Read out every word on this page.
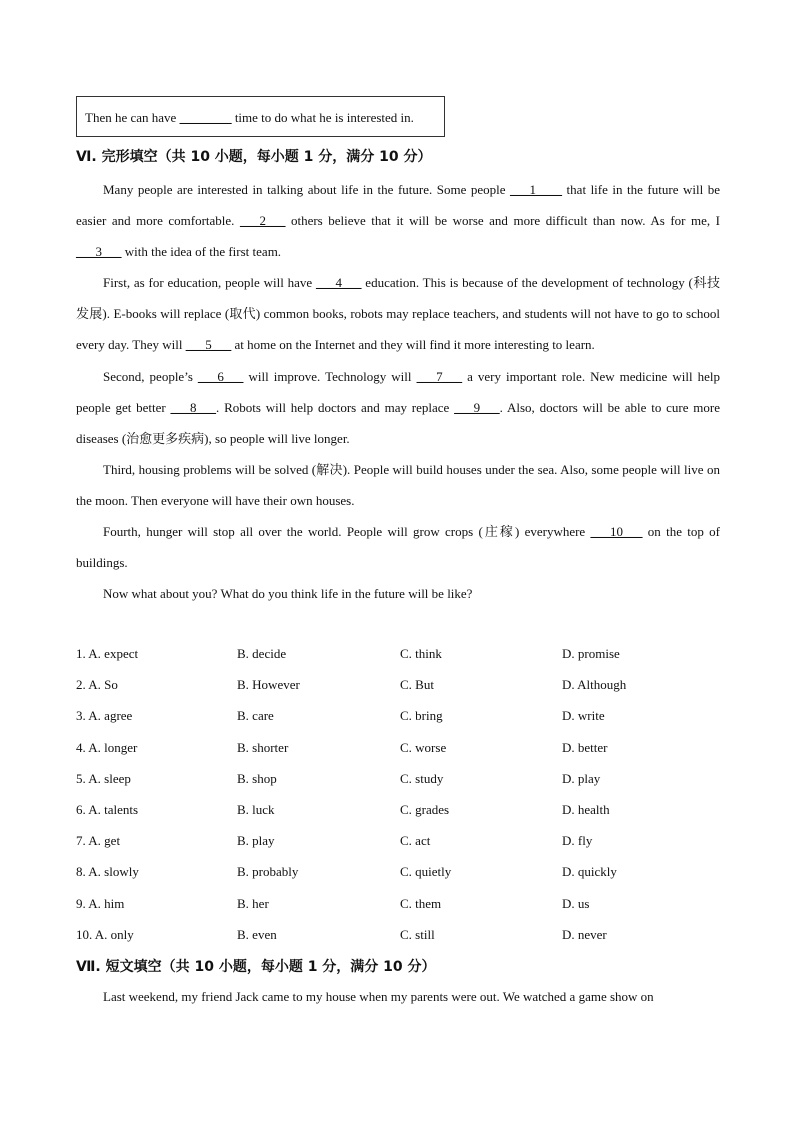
Then he can have ________ time to do what he is interested in.
Ⅵ. 完形填空（共 10 小题，每小题 1 分，满分 10 分）

Many people are interested in talking about life in the future. Some people ___1____ that life in the future will be easier and more comfortable. ___2___ others believe that it will be worse and more difficult than now. As for me, I ___3___ with the idea of the first team.

First, as for education, people will have ___4___ education. This is because of the development of technology (科技发展). E-books will replace (取代) common books, robots may replace teachers, and students will not have to go to school every day. They will ___5___ at home on the Internet and they will find it more interesting to learn.

Second, people’s ___6___ will improve. Technology will ___7___ a very important role. New medicine will help people get better ___8___. Robots will help doctors and may replace ___9___. Also, doctors will be able to cure more diseases (治愈更多疾病), so people will live longer.

Third, housing problems will be solved (解决). People will build houses under the sea. Also, some people will live on the moon. Then everyone will have their own houses.

Fourth, hunger will stop all over the world. People will grow crops (庄稼) everywhere ___10___ on the top of buildings.

Now what about you? What do you think life in the future will be like?

1. A. expect	B. decide	C. think	D. promise
2. A. So	B. However	C. But	D. Although
3. A. agree	B. care	C. bring	D. write
4. A. longer	B. shorter	C. worse	D. better
5. A. sleep	B. shop	C. study	D. play
6. A. talents	B. luck	C. grades	D. health
7. A. get	B. play	C. act	D. fly
8. A. slowly	B. probably	C. quietly	D. quickly
9. A. him	B. her	C. them	D. us
10. A. only	B. even	C. still	D. never
Ⅶ. 短文填空（共 10 小题，每小题 1 分，满分 10 分）

Last weekend, my friend Jack came to my house when my parents were out. We watched a game show on
